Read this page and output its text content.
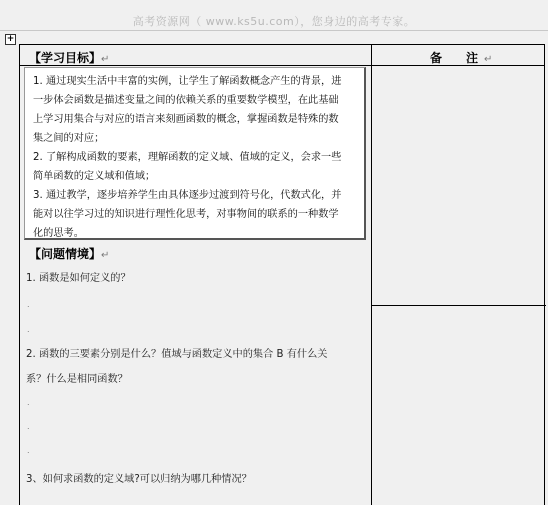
高考资源网（ www.ks5u.com），您身边的高考专家。
+
【学习目标】↵	备　注↵
1. 通过现实生活中丰富的实例，让学生了解函数概念产生的背景，进
一步体会函数是描述变量之间的依赖关系的重要数学模型，在此基础
上学习用集合与对应的语言来刻画函数的概念，掌握函数是特殊的数
集之间的对应；
2. 了解构成函数的要素，理解函数的定义域、值域的定义，会求一些
简单函数的定义域和值域；
3. 通过教学，逐步培养学生由具体逐步过渡到符号化，代数式化，并
能对以往学习过的知识进行理性化思考，对事物间的联系的一种数学
化的思考。
【问题情境】↵
1. 函数是如何定义的？
.
.
2. 函数的三要素分别是什么？值域与函数定义中的集合 B 有什么关
系？什么是相同函数？
.
.
.
3、如何求函数的定义域?可以归纳为哪几种情况？
